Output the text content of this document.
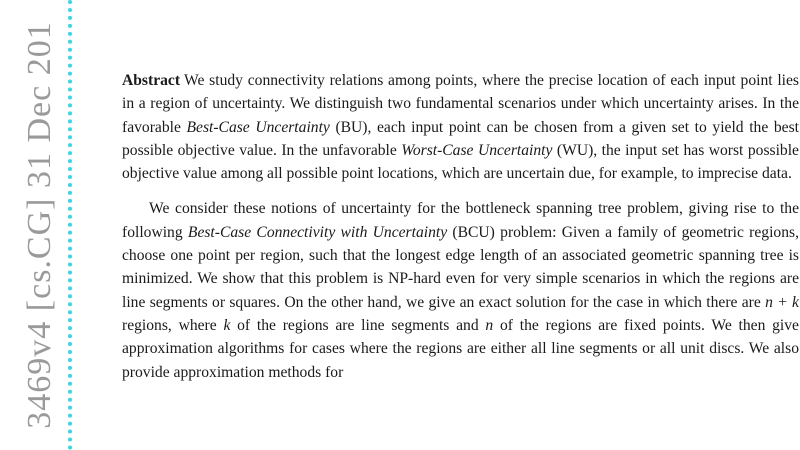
3469v4 [cs.CG] 31 Dec 201	Abstract We study connectivity relations among points, where the precise location of each input point lies in a region of uncertainty. We distinguish two fundamental scenarios under which uncertainty arises. In the favorable Best-Case Uncertainty (BU), each input point can be chosen from a given set to yield the best possible objective value. In the unfavorable Worst-Case Uncertainty (WU), the input set has worst possible objective value among all possible point locations, which are uncertain due, for example, to imprecise data.

We consider these notions of uncertainty for the bottleneck spanning tree problem, giving rise to the following Best-Case Connectivity with Uncertainty (BCU) problem: Given a family of geometric regions, choose one point per region, such that the longest edge length of an associated geometric spanning tree is minimized. We show that this problem is NP-hard even for very simple scenarios in which the regions are line segments or squares. On the other hand, we give an exact solution for the case in which there are n + k regions, where k of the regions are line segments and n of the regions are fixed points. We then give approximation algorithms for cases where the regions are either all line segments or all unit discs. We also provide approximation methods for
